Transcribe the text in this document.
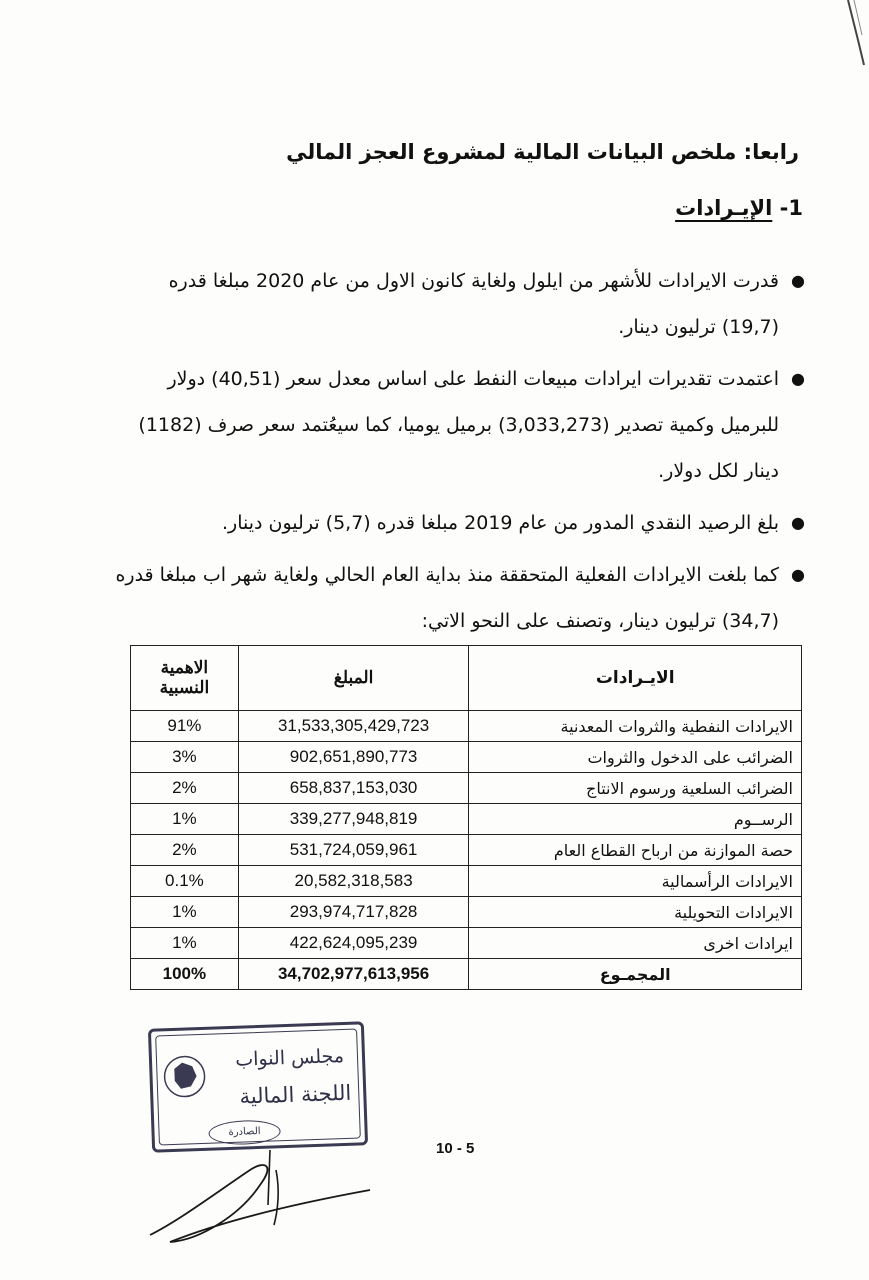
رابعا: ملخص البيانات المالية لمشروع العجز المالي
1- الإيـرادات
●
قدرت الايرادات للأشهر من ايلول ولغاية كانون الاول من عام 2020 مبلغا قدره (19,7) ترليون دينار.
●
اعتمدت تقديرات ايرادات مبيعات النفط على اساس معدل سعر (40,51) دولار للبرميل وكمية تصدير (3,033,273) برميل يوميا، كما سيعُتمد سعر صرف (1182) دينار لكل دولار.
●
بلغ الرصيد النقدي المدور من عام 2019 مبلغا قدره (5,7) ترليون دينار.
●
كما بلغت الايرادات الفعلية المتحققة منذ بداية العام الحالي ولغاية شهر اب مبلغا قدره (34,7) ترليون دينار، وتصنف على النحو الاتي:
الايـرادات	المبلغ	الاهمية النسبية
الايرادات النفطية والثروات المعدنية	31,533,305,429,723	91%
الضرائب على الدخول والثروات	902,651,890,773	3%
الضرائب السلعية ورسوم الانتاج	658,837,153,030	2%
الرســوم	339,277,948,819	1%
حصة الموازنة من ارباح القطاع العام	531,724,059,961	2%
الايرادات الرأسمالية	20,582,318,583	0.1%
الايرادات التحويلية	293,974,717,828	1%
ايرادات اخرى	422,624,095,239	1%
المجمـوع	34,702,977,613,956	100%
مجلس النواب
اللجنة المالية
الصادرة
10 - 5
